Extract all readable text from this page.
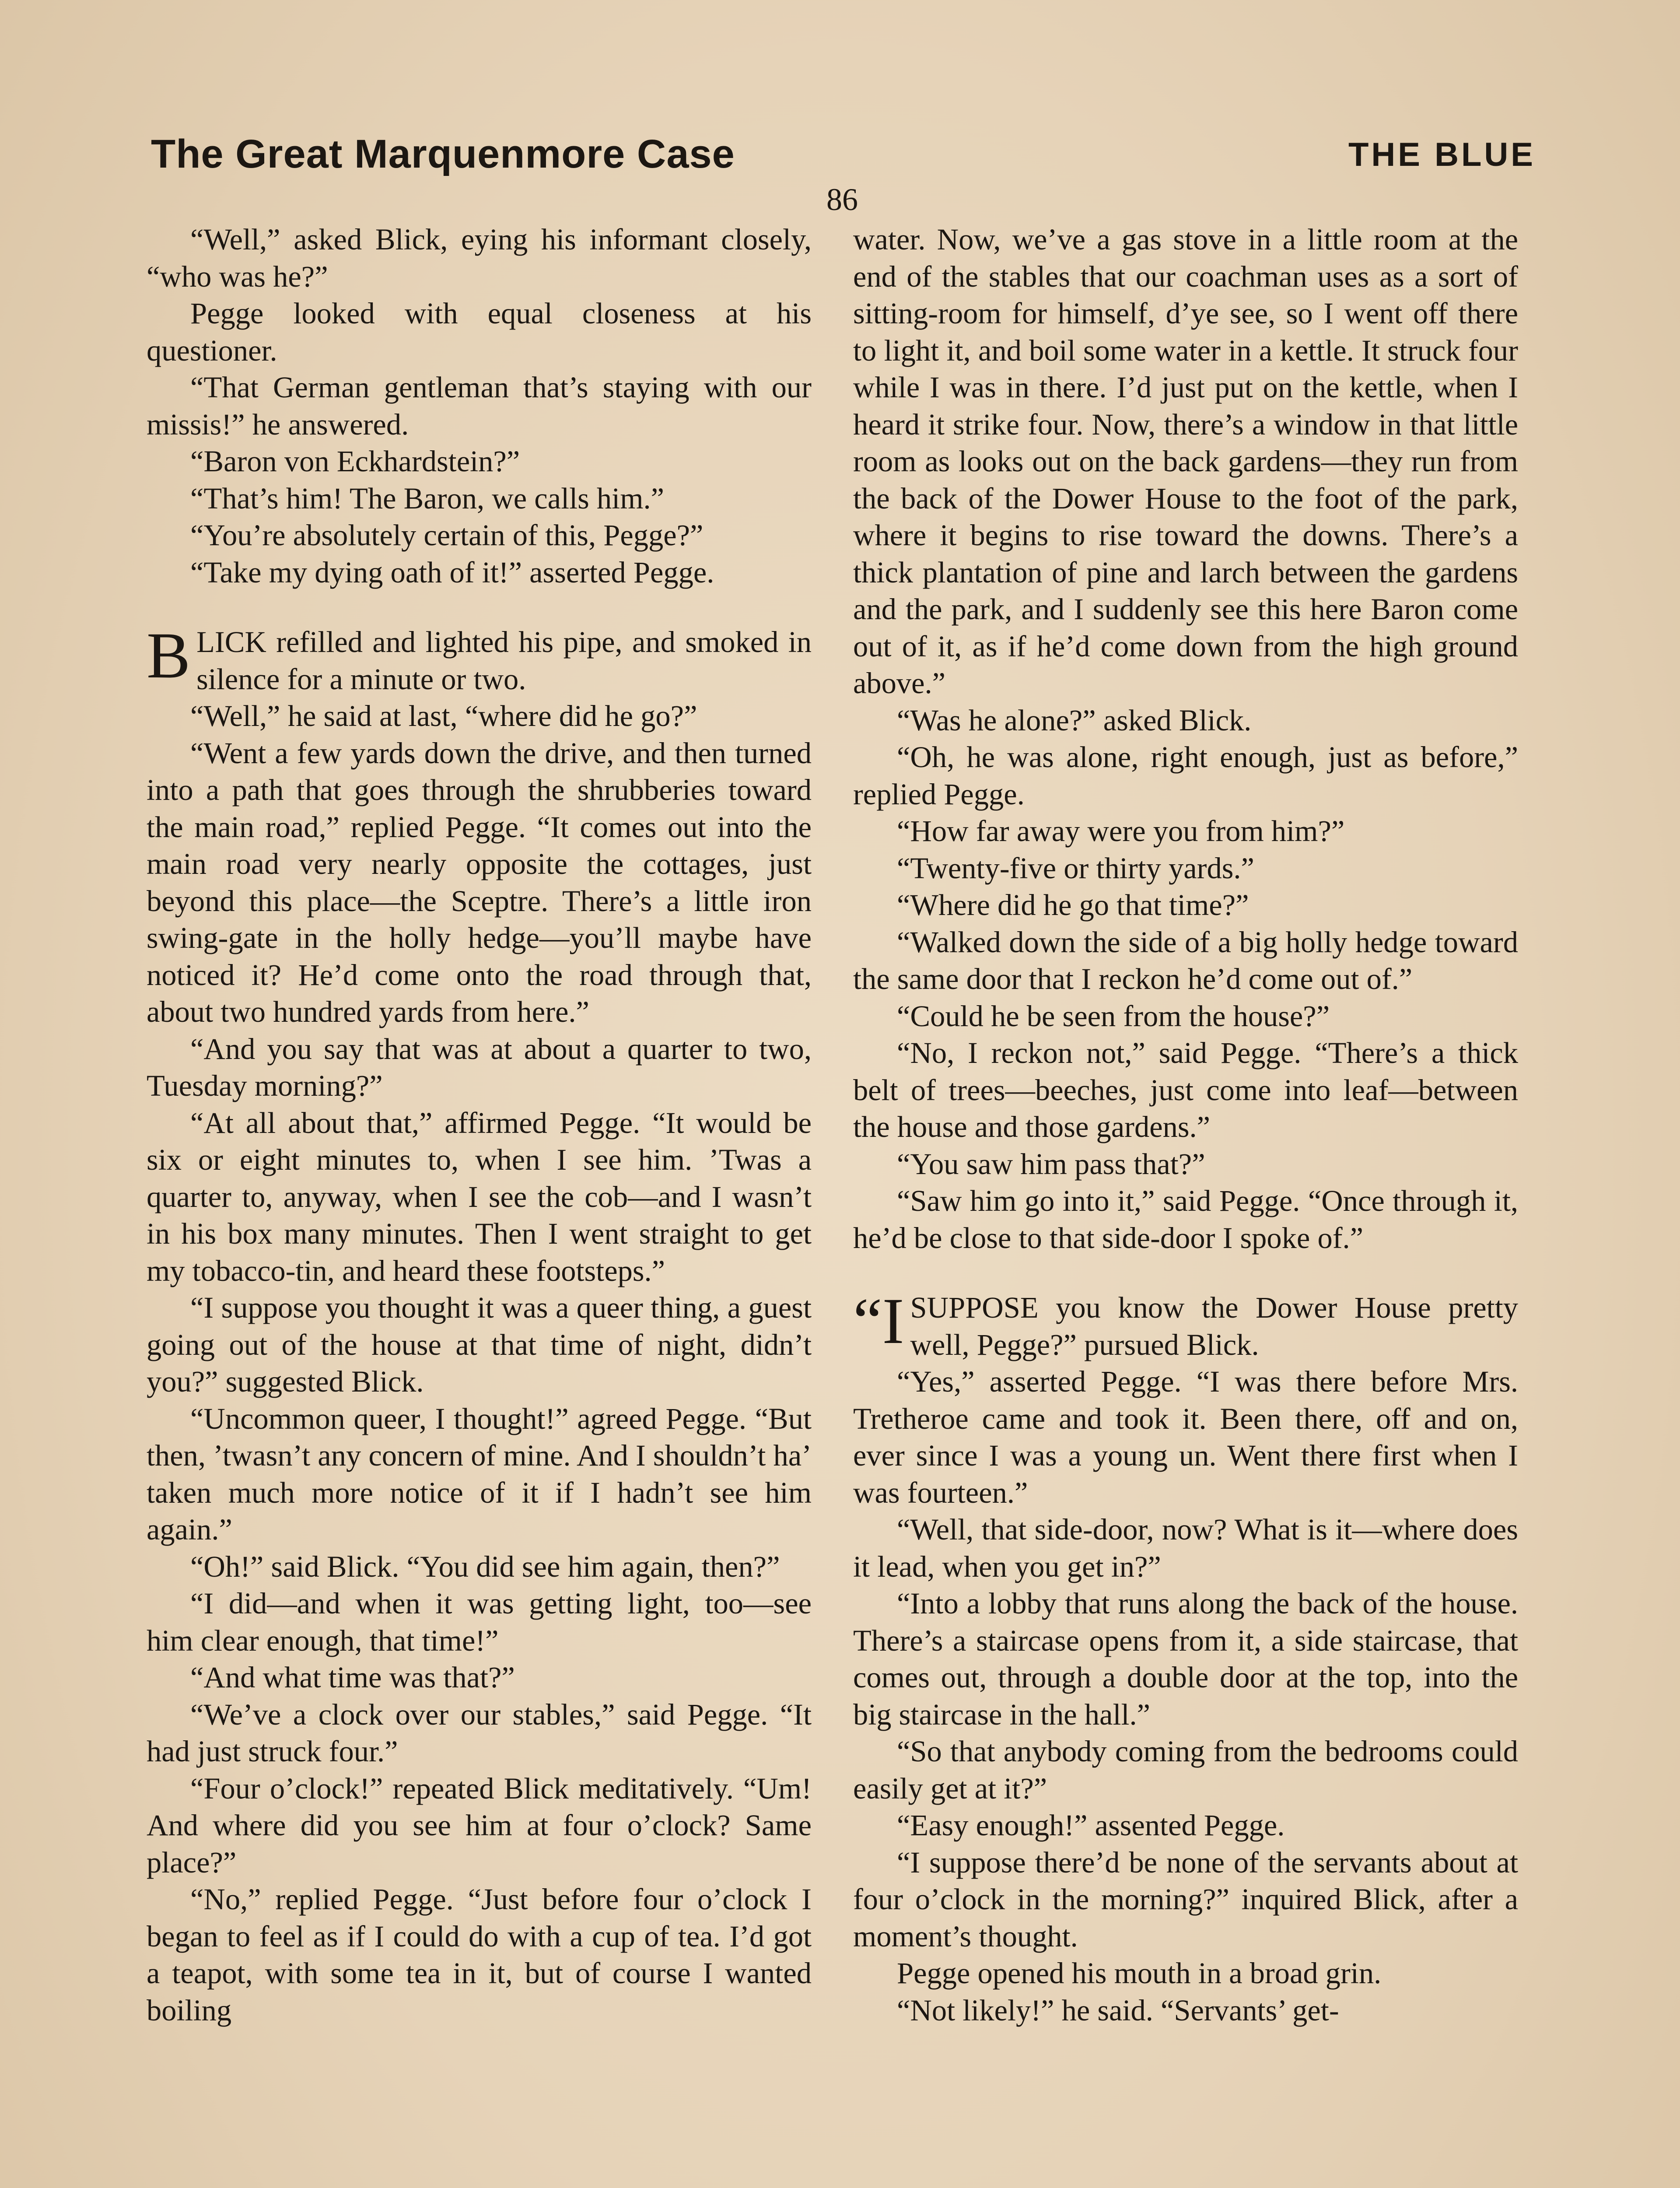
The Great Marquenmore Case	THE BLUE
86

“Well,” asked Blick, eying his informant closely, “who was he?”

Pegge looked with equal closeness at his questioner.

“That German gentleman that’s staying with our missis!” he answered.

“Baron von Eckhardstein?”

“That’s him! The Baron, we calls him.”

“You’re absolutely certain of this, Pegge?”

“Take my dying oath of it!” asserted Pegge.

BLICK refilled and lighted his pipe, and smoked in silence for a minute or two.

“Well,” he said at last, “where did he go?”

“Went a few yards down the drive, and then turned into a path that goes through the shrubberies toward the main road,” replied Pegge. “It comes out into the main road very nearly opposite the cottages, just beyond this place—the Sceptre. There’s a little iron swing-gate in the holly hedge—you’ll maybe have noticed it? He’d come onto the road through that, about two hundred yards from here.”

“And you say that was at about a quarter to two, Tuesday morning?”

“At all about that,” affirmed Pegge. “It would be six or eight minutes to, when I see him. ’Twas a quarter to, anyway, when I see the cob—and I wasn’t in his box many minutes. Then I went straight to get my tobacco-tin, and heard these footsteps.”

“I suppose you thought it was a queer thing, a guest going out of the house at that time of night, didn’t you?” suggested Blick.

“Uncommon queer, I thought!” agreed Pegge. “But then, ’twasn’t any concern of mine. And I shouldn’t ha’ taken much more notice of it if I hadn’t see him again.”

“Oh!” said Blick. “You did see him again, then?”

“I did—and when it was getting light, too—see him clear enough, that time!”

“And what time was that?”

“We’ve a clock over our stables,” said Pegge. “It had just struck four.”

“Four o’clock!” repeated Blick meditatively. “Um! And where did you see him at four o’clock? Same place?”

“No,” replied Pegge. “Just before four o’clock I began to feel as if I could do with a cup of tea. I’d got a teapot, with some tea in it, but of course I wanted boiling

water. Now, we’ve a gas stove in a little room at the end of the stables that our coachman uses as a sort of sitting-room for himself, d’ye see, so I went off there to light it, and boil some water in a kettle. It struck four while I was in there. I’d just put on the kettle, when I heard it strike four. Now, there’s a window in that little room as looks out on the back gardens—they run from the back of the Dower House to the foot of the park, where it begins to rise toward the downs. There’s a thick plantation of pine and larch between the gardens and the park, and I suddenly see this here Baron come out of it, as if he’d come down from the high ground above.”

“Was he alone?” asked Blick.

“Oh, he was alone, right enough, just as before,” replied Pegge.

“How far away were you from him?”

“Twenty-five or thirty yards.”

“Where did he go that time?”

“Walked down the side of a big holly hedge toward the same door that I reckon he’d come out of.”

“Could he be seen from the house?”

“No, I reckon not,” said Pegge. “There’s a thick belt of trees—beeches, just come into leaf—between the house and those gardens.”

“You saw him pass that?”

“Saw him go into it,” said Pegge. “Once through it, he’d be close to that side-door I spoke of.”

“ISUPPOSE you know the Dower House pretty well, Pegge?” pursued Blick.

“Yes,” asserted Pegge. “I was there before Mrs. Tretheroe came and took it. Been there, off and on, ever since I was a young un. Went there first when I was fourteen.”

“Well, that side-door, now? What is it—where does it lead, when you get in?”

“Into a lobby that runs along the back of the house. There’s a staircase opens from it, a side staircase, that comes out, through a double door at the top, into the big staircase in the hall.”

“So that anybody coming from the bedrooms could easily get at it?”

“Easy enough!” assented Pegge.

“I suppose there’d be none of the servants about at four o’clock in the morning?” inquired Blick, after a moment’s thought.

Pegge opened his mouth in a broad grin.

“Not likely!” he said. “Servants’ get-
